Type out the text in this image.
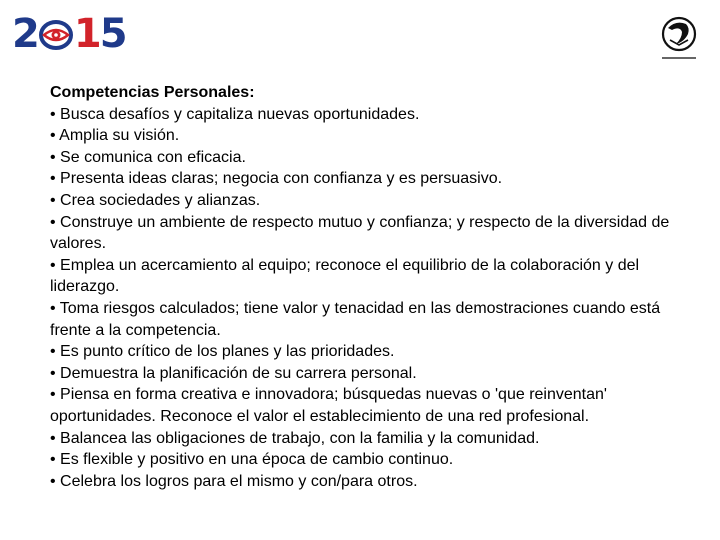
2 1 5
Competencias Personales:
• Busca desafíos y capitaliza nuevas oportunidades.
• Amplia su visión.
• Se comunica con eficacia.
• Presenta ideas claras; negocia con confianza y es persuasivo.
• Crea sociedades y alianzas.
• Construye un ambiente de respecto mutuo y confianza; y respecto de la diversidad de valores.
• Emplea un acercamiento al equipo; reconoce el equilibrio de la colaboración y del liderazgo.
• Toma riesgos calculados; tiene valor y tenacidad en las demostraciones cuando está frente a la competencia.
• Es punto crítico de los planes y las prioridades.
• Demuestra la planificación de su carrera personal.
• Piensa en forma creativa e innovadora; búsquedas nuevas o 'que reinventan' oportunidades. Reconoce el valor el establecimiento de una red profesional.
• Balancea las obligaciones de trabajo, con la familia y la comunidad.
• Es flexible y positivo en una época de cambio continuo.
• Celebra los logros para el mismo y con/para otros.
